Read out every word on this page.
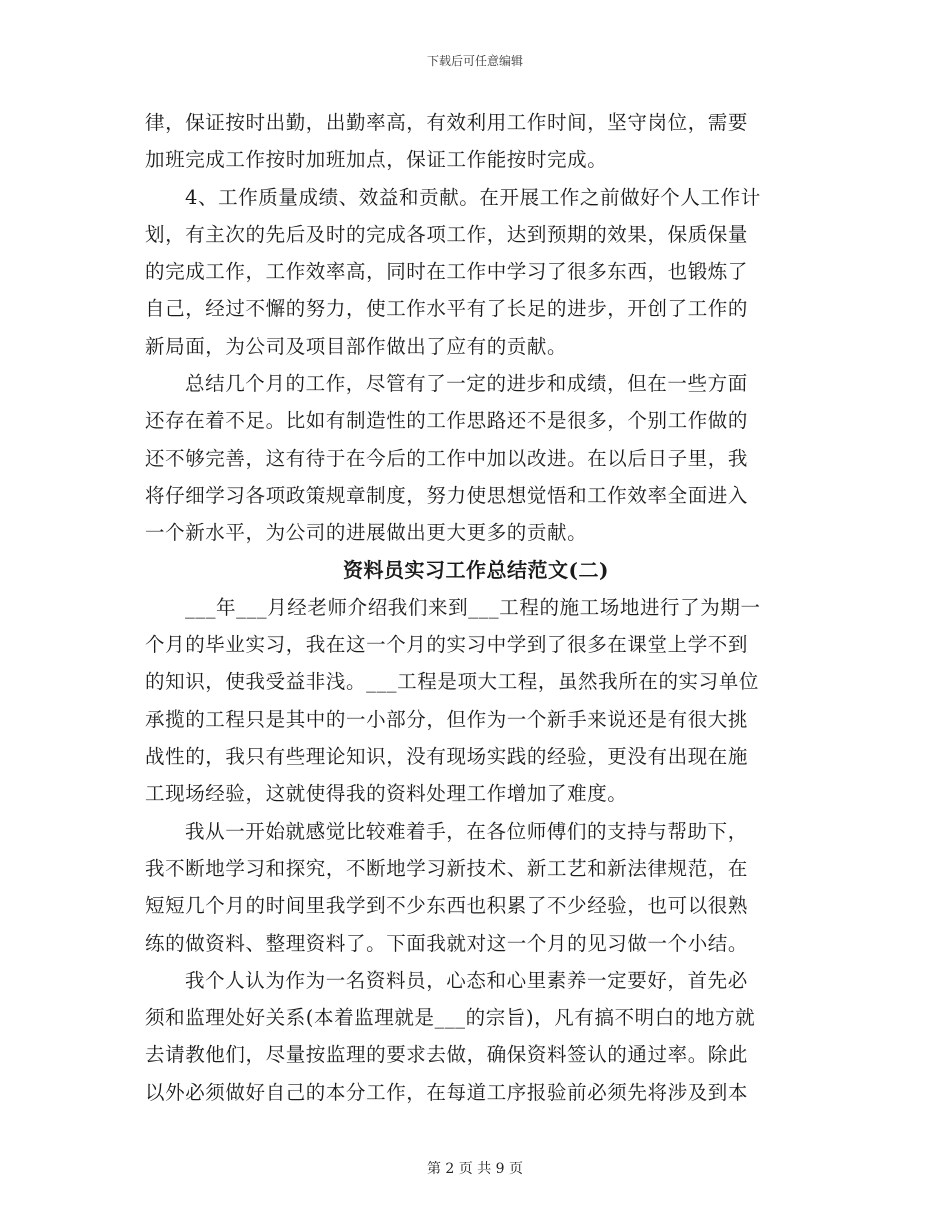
下载后可任意编辑
律，保证按时出勤，出勤率高，有效利用工作时间，坚守岗位，需要
加班完成工作按时加班加点，保证工作能按时完成。
4、工作质量成绩、效益和贡献。在开展工作之前做好个人工作计
划，有主次的先后及时的完成各项工作，达到预期的效果，保质保量
的完成工作，工作效率高，同时在工作中学习了很多东西，也锻炼了
自己，经过不懈的努力，使工作水平有了长足的进步，开创了工作的
新局面，为公司及项目部作做出了应有的贡献。
总结几个月的工作，尽管有了一定的进步和成绩，但在一些方面
还存在着不足。比如有制造性的工作思路还不是很多，个别工作做的
还不够完善，这有待于在今后的工作中加以改进。在以后日子里，我
将仔细学习各项政策规章制度，努力使思想觉悟和工作效率全面进入
一个新水平，为公司的进展做出更大更多的贡献。
资料员实习工作总结范文(二)
___年___月经老师介绍我们来到___工程的施工场地进行了为期一
个月的毕业实习，我在这一个月的实习中学到了很多在课堂上学不到
的知识，使我受益非浅。___工程是项大工程，虽然我所在的实习单位
承揽的工程只是其中的一小部分，但作为一个新手来说还是有很大挑
战性的，我只有些理论知识，没有现场实践的经验，更没有出现在施
工现场经验，这就使得我的资料处理工作增加了难度。
我从一开始就感觉比较难着手，在各位师傅们的支持与帮助下，
我不断地学习和探究，不断地学习新技术、新工艺和新法律规范，在
短短几个月的时间里我学到不少东西也积累了不少经验，也可以很熟
练的做资料、整理资料了。下面我就对这一个月的见习做一个小结。
我个人认为作为一名资料员，心态和心里素养一定要好，首先必
须和监理处好关系(本着监理就是___的宗旨)，凡有搞不明白的地方就
去请教他们，尽量按监理的要求去做，确保资料签认的通过率。除此
以外必须做好自己的本分工作，在每道工序报验前必须先将涉及到本
第 2 页 共 9 页
